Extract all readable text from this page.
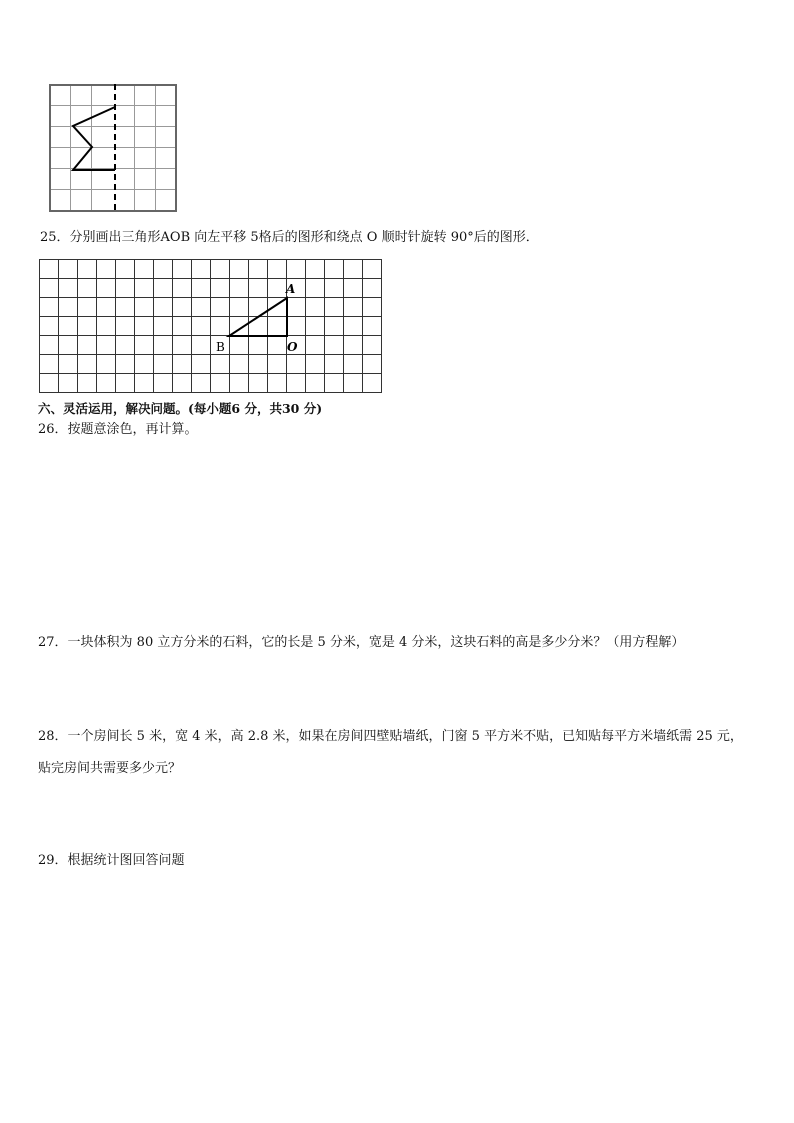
25．分别画出三角形AOB 向左平移 5格后的图形和绕点 O 顺时针旋转 90°后的图形．
A
B	O
六、灵活运用，解决问题。(每小题6 分，共30 分)
26．按题意涂色，再计算。
27．一块体积为 80 立方分米的石料，它的长是 5 分米，宽是 4 分米，这块石料的高是多少分米？（用方程解）
28．一个房间长 5 米，宽 4 米，高 2.8 米，如果在房间四壁贴墙纸，门窗 5 平方米不贴，已知贴每平方米墙纸需 25 元，
贴完房间共需要多少元？
29．根据统计图回答问题
